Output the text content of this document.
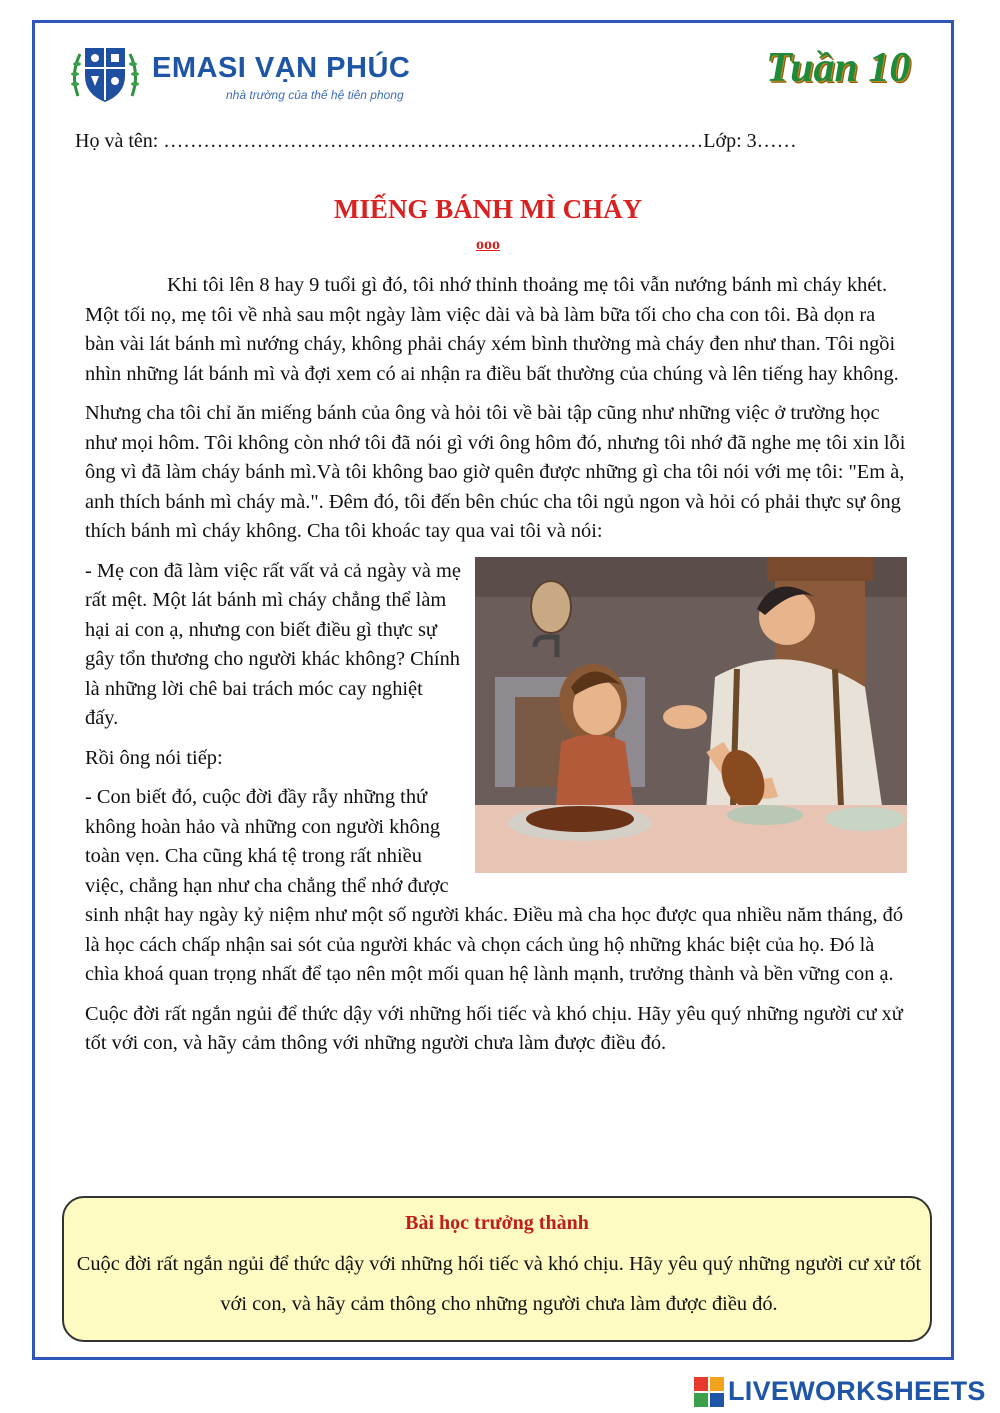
EMASI VẠN PHÚC
nhà trường của thế hệ tiên phong
Tuần 10
Họ và tên: ………………………………………………………………………Lớp: 3……
MIẾNG BÁNH MÌ CHÁY
ooo

Khi tôi lên 8 hay 9 tuổi gì đó, tôi nhớ thỉnh thoảng mẹ tôi vẫn nướng bánh mì cháy khét. Một tối nọ, mẹ tôi về nhà sau một ngày làm việc dài và bà làm bữa tối cho cha con tôi. Bà dọn ra bàn vài lát bánh mì nướng cháy, không phải cháy xém bình thường mà cháy đen như than. Tôi ngồi nhìn những lát bánh mì và đợi xem có ai nhận ra điều bất thường của chúng và lên tiếng hay không.

Nhưng cha tôi chỉ ăn miếng bánh của ông và hỏi tôi về bài tập cũng như những việc ở trường học như mọi hôm. Tôi không còn nhớ tôi đã nói gì với ông hôm đó, nhưng tôi nhớ đã nghe mẹ tôi xin lỗi ông vì đã làm cháy bánh mì.Và tôi không bao giờ quên được những gì cha tôi nói với mẹ tôi: "Em à, anh thích bánh mì cháy mà.". Đêm đó, tôi đến bên chúc cha tôi ngủ ngon và hỏi có phải thực sự ông thích bánh mì cháy không. Cha tôi khoác tay qua vai tôi và nói:

- Mẹ con đã làm việc rất vất vả cả ngày và mẹ rất mệt. Một lát bánh mì cháy chẳng thể làm hại ai con ạ, nhưng con biết điều gì thực sự gây tổn thương cho người khác không? Chính là những lời chê bai trách móc cay nghiệt đấy.

Rồi ông nói tiếp:

- Con biết đó, cuộc đời đầy rẫy những thứ không hoàn hảo và những con người không toàn vẹn. Cha cũng khá tệ trong rất nhiều việc, chẳng hạn như cha chẳng thể nhớ được sinh nhật hay ngày kỷ niệm như một số người khác. Điều mà cha học được qua nhiều năm tháng, đó là học cách chấp nhận sai sót của người khác và chọn cách ủng hộ những khác biệt của họ. Đó là chìa khoá quan trọng nhất để tạo nên một mối quan hệ lành mạnh, trưởng thành và bền vững con ạ.

Cuộc đời rất ngắn ngủi để thức dậy với những hối tiếc và khó chịu. Hãy yêu quý những người cư xử tốt với con, và hãy cảm thông với những người chưa làm được điều đó.

Bài học trưởng thành
Cuộc đời rất ngắn ngủi để thức dậy với những hối tiếc và khó chịu. Hãy yêu quý những người cư xử tốt với con, và hãy cảm thông cho những người chưa làm được điều đó.
LIVEWORKSHEETS
